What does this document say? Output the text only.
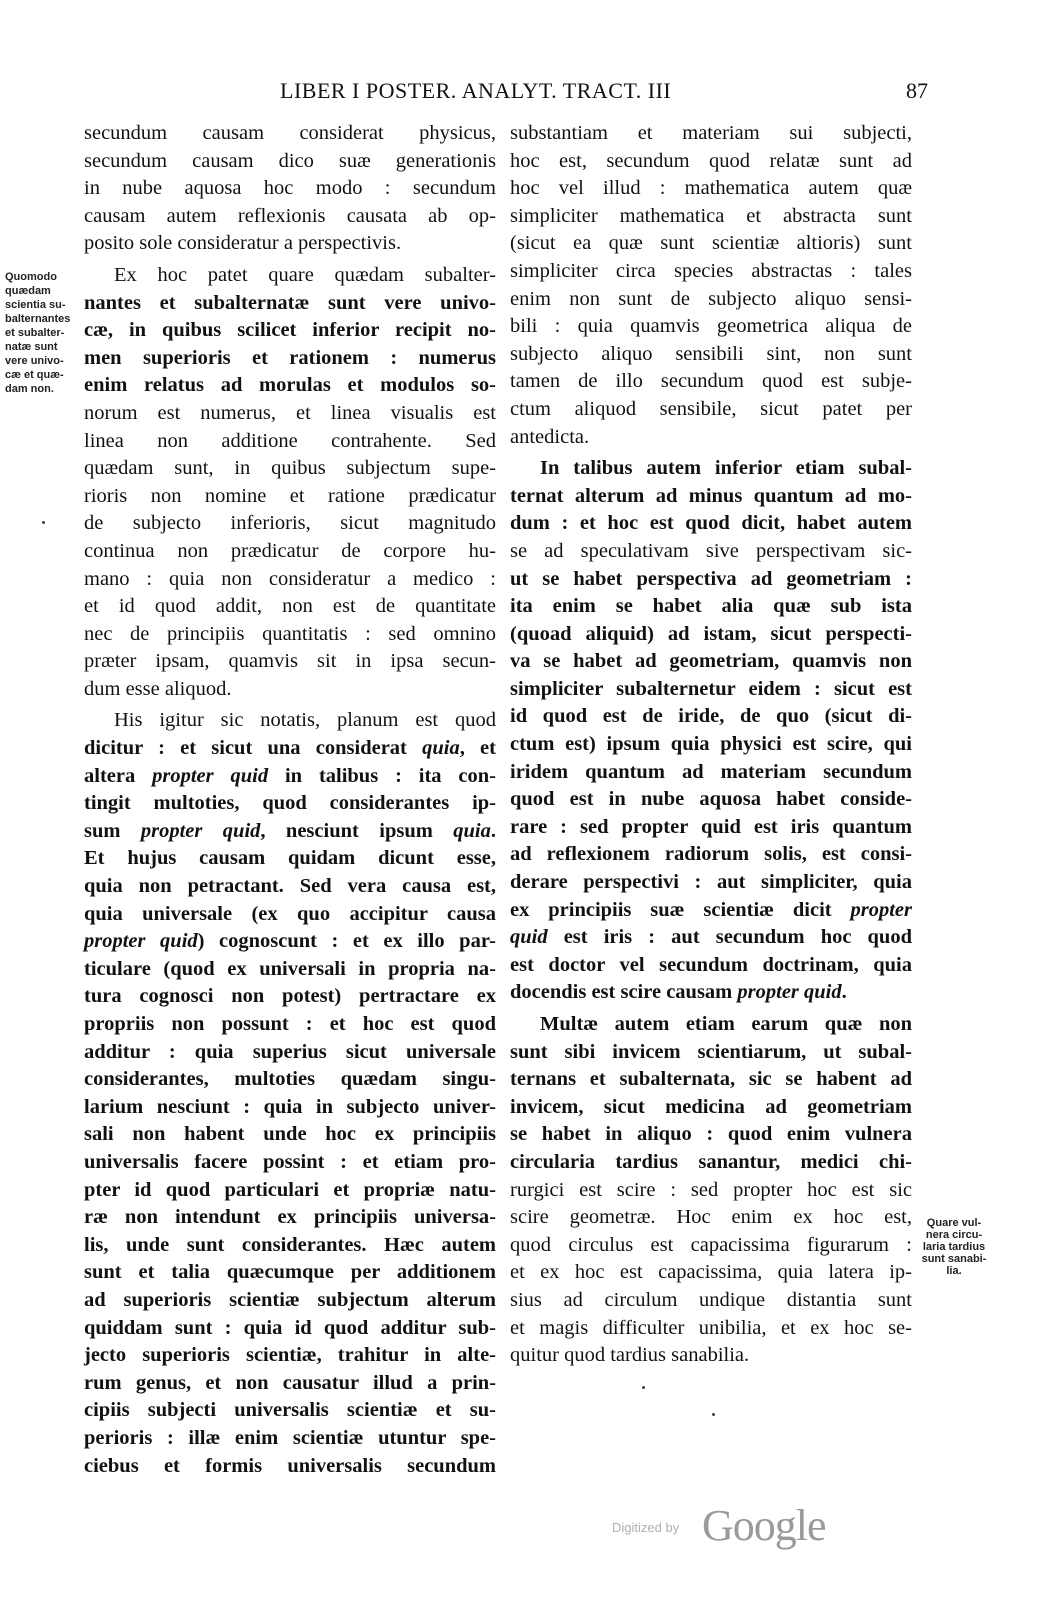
LIBER I POSTER. ANALYT. TRACT. III	87
Quomodo
quædam
scientia su-
balternantes
et subalter-
natæ sunt
vere univo-
cæ et quæ-
dam non.
Quare vul-
nera circu-
laria tardius
sunt sanabi-
lia.
secundum causam considerat physicus,
secundum causam dico suæ generationis
in nube aquosa hoc modo : secundum
causam autem reflexionis causata ab op-
posito sole consideratur a perspectivis.
Ex hoc patet quare quædam subalter-
nantes et subalternatæ sunt vere univo-
cæ, in quibus scilicet inferior recipit no-
men superioris et rationem : numerus
enim relatus ad morulas et modulos so-
norum est numerus, et linea visualis est
linea non additione contrahente. Sed
quædam sunt, in quibus subjectum supe-
rioris non nomine et ratione prædicatur
de subjecto inferioris, sicut magnitudo
continua non prædicatur de corpore hu-
mano : quia non consideratur a medico :
et id quod addit, non est de quantitate
nec de principiis quantitatis : sed omnino
præter ipsam, quamvis sit in ipsa secun-
dum esse aliquod.
His igitur sic notatis, planum est quod
dicitur : et sicut una considerat quia, et
altera propter quid in talibus : ita con-
tingit multoties, quod considerantes ip-
sum propter quid, nesciunt ipsum quia.
Et hujus causam quidam dicunt esse,
quia non petractant. Sed vera causa est,
quia universale (ex quo accipitur causa
propter quid) cognoscunt : et ex illo par-
ticulare (quod ex universali in propria na-
tura cognosci non potest) pertractare ex
propriis non possunt : et hoc est quod
additur : quia superius sicut universale
considerantes, multoties quædam singu-
larium nesciunt : quia in subjecto univer-
sali non habent unde hoc ex principiis
universalis facere possint : et etiam pro-
pter id quod particulari et propriæ natu-
ræ non intendunt ex principiis universa-
lis, unde sunt considerantes. Hæc autem
sunt et talia quæcumque per additionem
ad superioris scientiæ subjectum alterum
quiddam sunt : quia id quod additur sub-
jecto superioris scientiæ, trahitur in alte-
rum genus, et non causatur illud a prin-
cipiis subjecti universalis scientiæ et su-
perioris : illæ enim scientiæ utuntur spe-
ciebus et formis universalis secundum
substantiam et materiam sui subjecti,
hoc est, secundum quod relatæ sunt ad
hoc vel illud : mathematica autem quæ
simpliciter mathematica et abstracta sunt
(sicut ea quæ sunt scientiæ altioris) sunt
simpliciter circa species abstractas : tales
enim non sunt de subjecto aliquo sensi-
bili : quia quamvis geometrica aliqua de
subjecto aliquo sensibili sint, non sunt
tamen de illo secundum quod est subje-
ctum aliquod sensibile, sicut patet per
antedicta.
In talibus autem inferior etiam subal-
ternat alterum ad minus quantum ad mo-
dum : et hoc est quod dicit, habet autem
se ad speculativam sive perspectivam sic-
ut se habet perspectiva ad geometriam :
ita enim se habet alia quæ sub ista
(quoad aliquid) ad istam, sicut perspecti-
va se habet ad geometriam, quamvis non
simpliciter subalternetur eidem : sicut est
id quod est de iride, de quo (sicut di-
ctum est) ipsum quia physici est scire, qui
iridem quantum ad materiam secundum
quod est in nube aquosa habet conside-
rare : sed propter quid est iris quantum
ad reflexionem radiorum solis, est consi-
derare perspectivi : aut simpliciter, quia
ex principiis suæ scientiæ dicit propter
quid est iris : aut secundum hoc quod
est doctor vel secundum doctrinam, quia
docendis est scire causam propter quid.
Multæ autem etiam earum quæ non
sunt sibi invicem scientiarum, ut subal-
ternans et subalternata, sic se habent ad
invicem, sicut medicina ad geometriam
se habet in aliquo : quod enim vulnera
circularia tardius sanantur, medici chi-
rurgici est scire : sed propter hoc est sic
scire geometræ. Hoc enim ex hoc est,
quod circulus est capacissima figurarum :
et ex hoc est capacissima, quia latera ip-
sius ad circulum undique distantia sunt
et magis difficulter unibilia, et ex hoc se-
quitur quod tardius sanabilia.
Digitized by Google
